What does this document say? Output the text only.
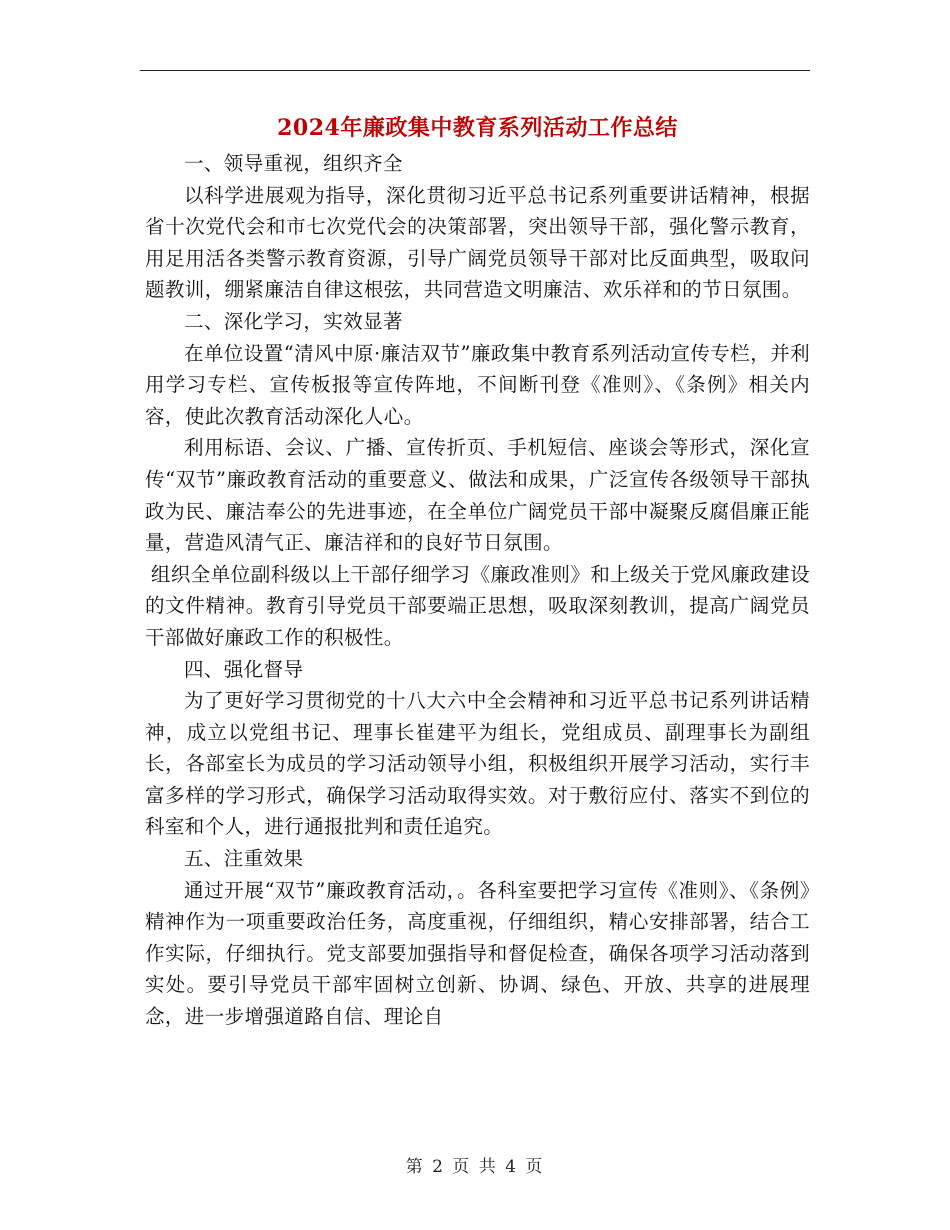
2024年廉政集中教育系列活动工作总结

一、领导重视，组织齐全

以科学进展观为指导，深化贯彻习近平总书记系列重要讲话精神，根据省十次党代会和市七次党代会的决策部署，突出领导干部，强化警示教育，用足用活各类警示教育资源，引导广阔党员领导干部对比反面典型，吸取问题教训，绷紧廉洁自律这根弦，共同营造文明廉洁、欢乐祥和的节日氛围。

二、深化学习，实效显著

在单位设置“清风中原·廉洁双节”廉政集中教育系列活动宣传专栏，并利用学习专栏、宣传板报等宣传阵地，不间断刊登《准则》、《条例》相关内容，使此次教育活动深化人心。

利用标语、会议、广播、宣传折页、手机短信、座谈会等形式，深化宣传“双节”廉政教育活动的重要意义、做法和成果，广泛宣传各级领导干部执政为民、廉洁奉公的先进事迹，在全单位广阔党员干部中凝聚反腐倡廉正能量，营造风清气正、廉洁祥和的良好节日氛围。

组织全单位副科级以上干部仔细学习《廉政准则》和上级关于党风廉政建设的文件精神。教育引导党员干部要端正思想，吸取深刻教训，提高广阔党员干部做好廉政工作的积极性。

四、强化督导

为了更好学习贯彻党的十八大六中全会精神和习近平总书记系列讲话精神，成立以党组书记、理事长崔建平为组长，党组成员、副理事长为副组长，各部室长为成员的学习活动领导小组，积极组织开展学习活动，实行丰富多样的学习形式，确保学习活动取得实效。对于敷衍应付、落实不到位的科室和个人，进行通报批判和责任追究。

五、注重效果

通过开展“双节”廉政教育活动，。各科室要把学习宣传《准则》、《条例》精神作为一项重要政治任务，高度重视，仔细组织，精心安排部署，结合工作实际，仔细执行。党支部要加强指导和督促检查，确保各项学习活动落到实处。要引导党员干部牢固树立创新、协调、绿色、开放、共享的进展理念，进一步增强道路自信、理论自

第 2 页 共 4 页
